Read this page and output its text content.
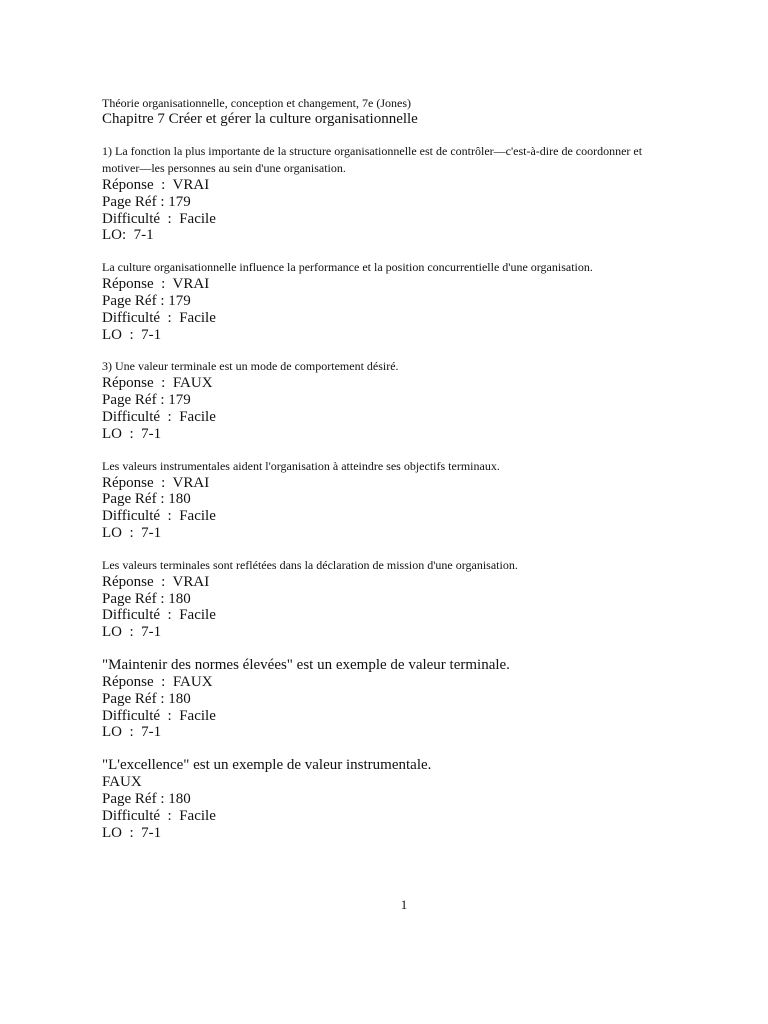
Théorie organisationnelle, conception et changement, 7e (Jones)
Chapitre 7 Créer et gérer la culture organisationnelle
1) La fonction la plus importante de la structure organisationnelle est de contrôler—c'est-à-dire de coordonner et
motiver—les personnes au sein d'une organisation.
Réponse  :  VRAI
Page Réf : 179
Difficulté  :  Facile
LO:  7-1
La culture organisationnelle influence la performance et la position concurrentielle d'une organisation.
Réponse  :  VRAI
Page Réf : 179
Difficulté  :  Facile
LO  :  7-1
3) Une valeur terminale est un mode de comportement désiré.
Réponse  :  FAUX
Page Réf : 179
Difficulté  :  Facile
LO  :  7-1
Les valeurs instrumentales aident l'organisation à atteindre ses objectifs terminaux.
Réponse  :  VRAI
Page Réf : 180
Difficulté  :  Facile
LO  :  7-1
Les valeurs terminales sont reflétées dans la déclaration de mission d'une organisation.
Réponse  :  VRAI
Page Réf : 180
Difficulté  :  Facile
LO  :  7-1
"Maintenir des normes élevées" est un exemple de valeur terminale.
Réponse  :  FAUX
Page Réf : 180
Difficulté  :  Facile
LO  :  7-1
"L'excellence" est un exemple de valeur instrumentale.
FAUX
Page Réf : 180
Difficulté  :  Facile
LO  :  7-1
1
